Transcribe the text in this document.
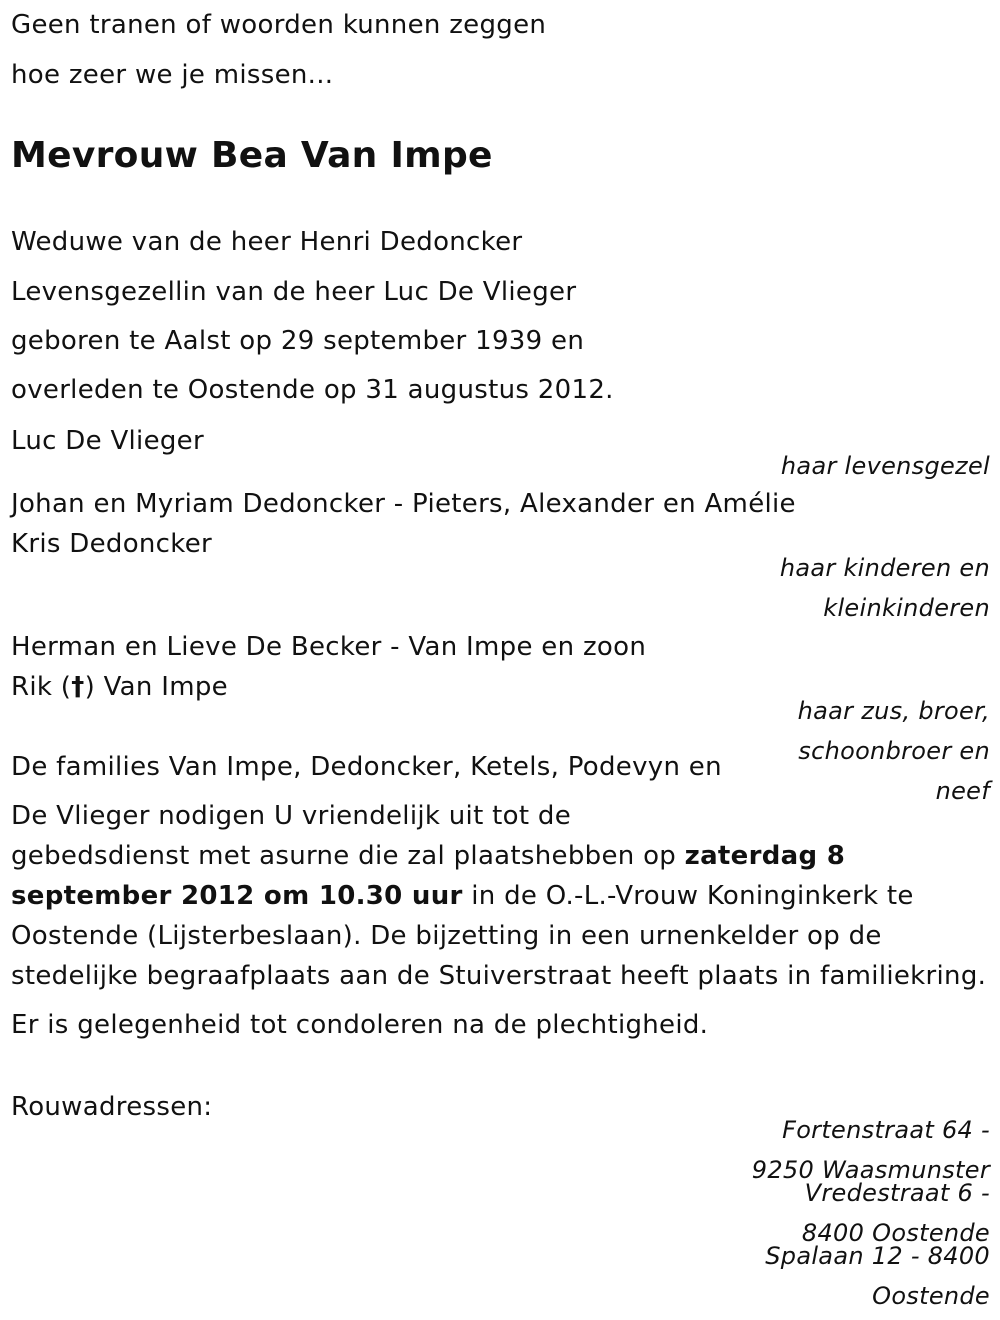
Geen tranen of woorden kunnen zeggen

hoe zeer we je missen...

Mevrouw Bea Van Impe

Weduwe van de heer Henri Dedoncker

Levensgezellin van de heer Luc De Vlieger

geboren te Aalst op 29 september 1939 en

overleden te Oostende op 31 augustus 2012.

Luc De Vlieger

haar levensgezel

Johan en Myriam Dedoncker - Pieters, Alexander en Amélie

Kris Dedoncker

haar kinderen en

kleinkinderen

Herman en Lieve De Becker - Van Impe en zoon

Rik (†) Van Impe

haar zus, broer,

schoonbroer en

neef

De families Van Impe, Dedoncker, Ketels, Podevyn en

De Vlieger nodigen U vriendelijk uit tot de

gebedsdienst met asurne die zal plaatshebben op zaterdag 8

september 2012 om 10.30 uur in de O.-L.-Vrouw Koninginkerk te

Oostende (Lijsterbeslaan). De bijzetting in een urnenkelder op de

stedelijke begraafplaats aan de Stuiverstraat heeft plaats in familiekring.

Er is gelegenheid tot condoleren na de plechtigheid.

Rouwadressen:

Fortenstraat 64 -

9250 Waasmunster

Vredestraat 6 -

8400 Oostende

Spalaan 12 - 8400

Oostende
